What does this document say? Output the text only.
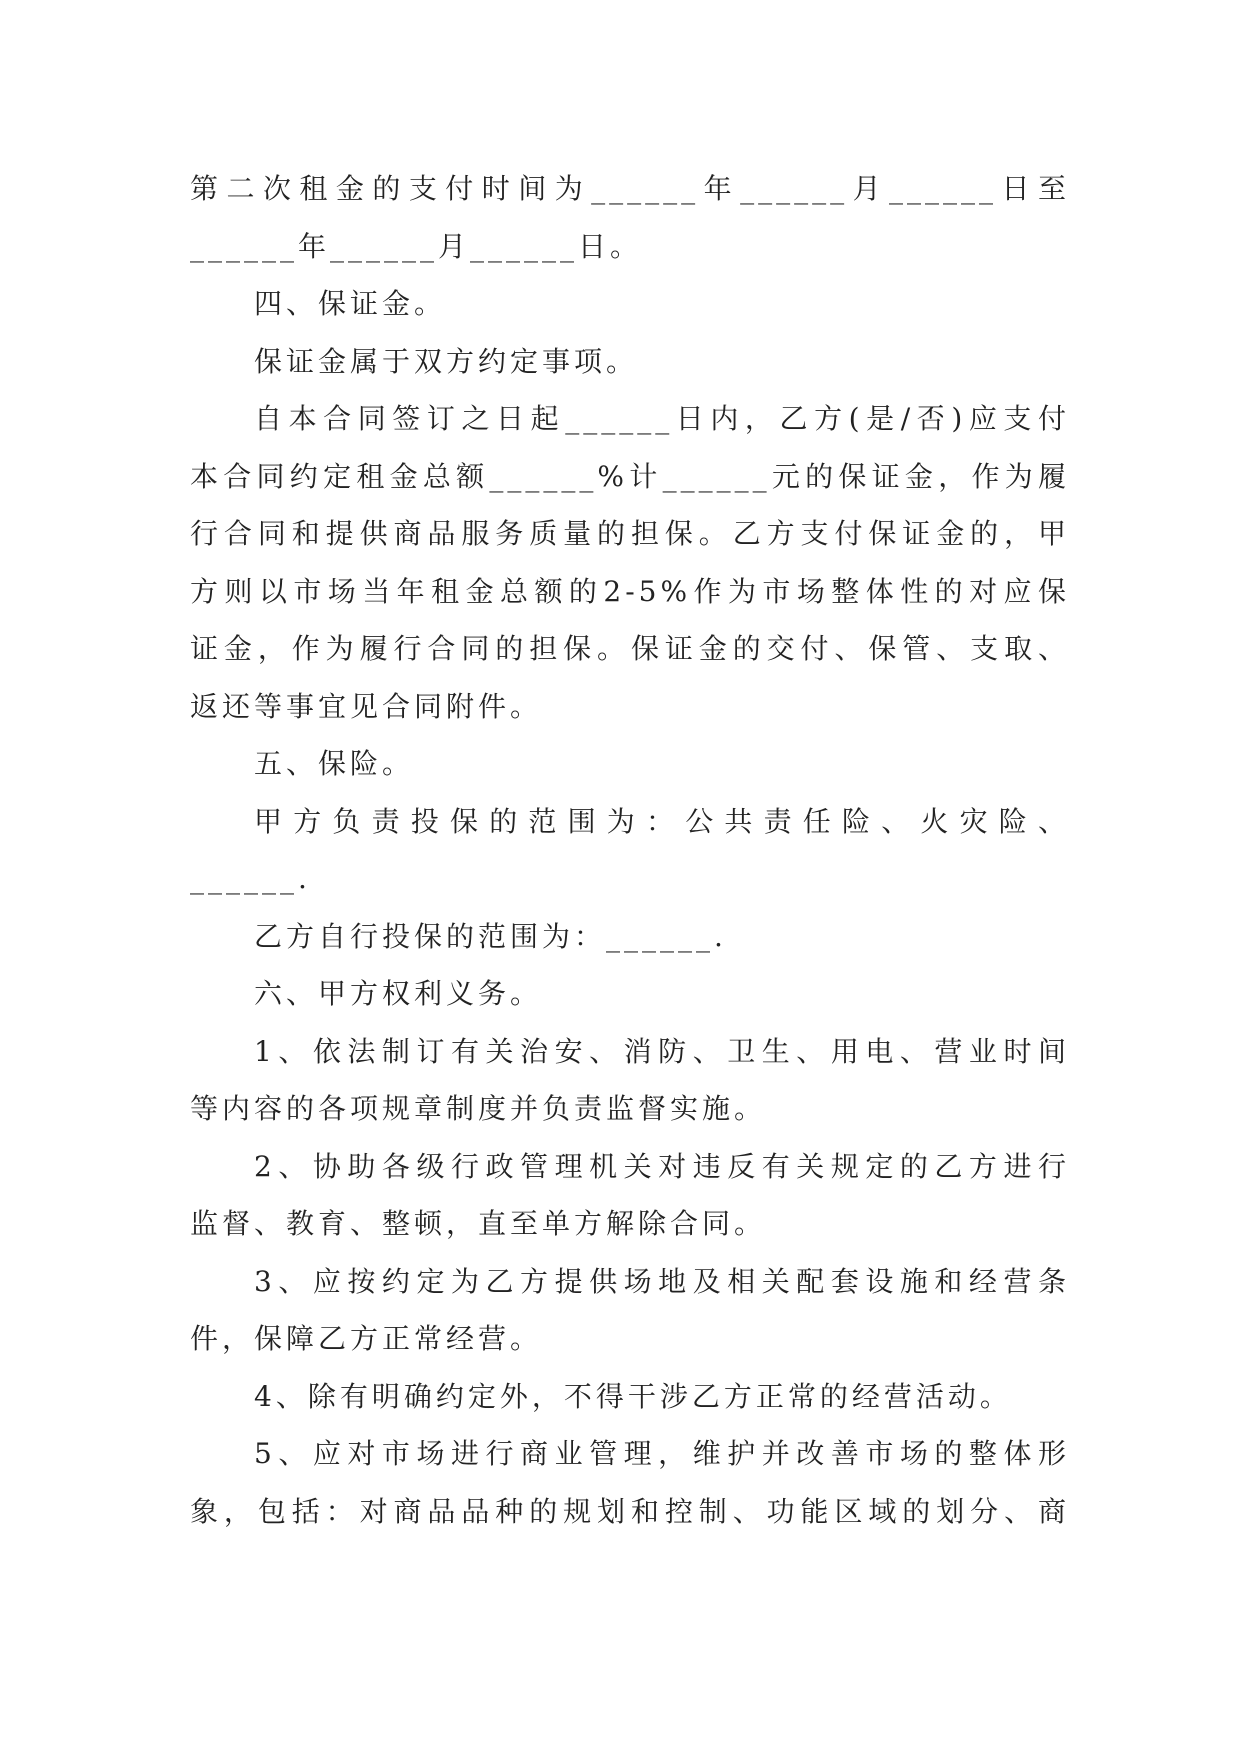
第二次租金的支付时间为______年______月______日至
______年______月______日。
四、保证金。
保证金属于双方约定事项。
自本合同签订之日起______日内，乙方(是/否)应支付
本合同约定租金总额______%计______元的保证金，作为履
行合同和提供商品服务质量的担保。乙方支付保证金的，甲
方则以市场当年租金总额的2-5%作为市场整体性的对应保
证金，作为履行合同的担保。保证金的交付、保管、支取、
返还等事宜见合同附件。
五、保险。
甲方负责投保的范围为：公共责任险、火灾险、
______.
乙方自行投保的范围为：______.
六、甲方权利义务。
1、依法制订有关治安、消防、卫生、用电、营业时间
等内容的各项规章制度并负责监督实施。
2、协助各级行政管理机关对违反有关规定的乙方进行
监督、教育、整顿，直至单方解除合同。
3、应按约定为乙方提供场地及相关配套设施和经营条
件，保障乙方正常经营。
4、除有明确约定外，不得干涉乙方正常的经营活动。
5、应对市场进行商业管理，维护并改善市场的整体形
象，包括：对商品品种的规划和控制、功能区域的划分、商
